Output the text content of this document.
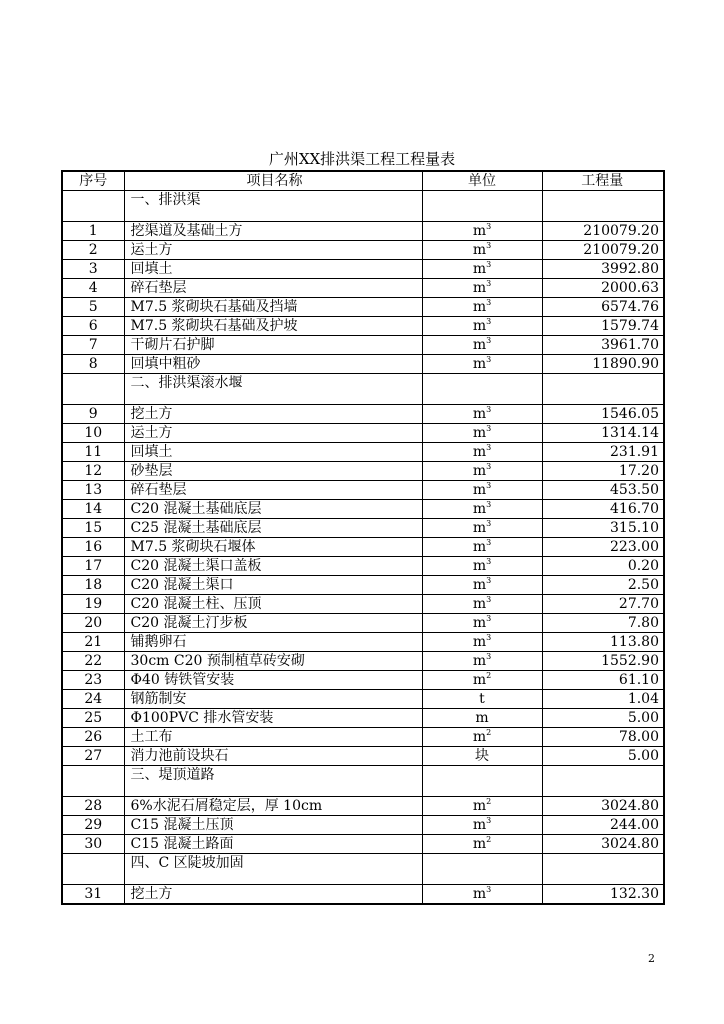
广州XX排洪渠工程工程量表
序号	项目名称	单位	工程量
	一、排洪渠		
1	挖渠道及基础土方	$m^3$	210079.20
2	运土方	$m^3$	210079.20
3	回填土	$m^3$	3992.80
4	碎石垫层	$m^3$	2000.63
5	M7.5 浆砌块石基础及挡墙	$m^3$	6574.76
6	M7.5 浆砌块石基础及护坡	$m^3$	1579.74
7	干砌片石护脚	$m^3$	3961.70
8	回填中粗砂	$m^3$	11890.90
	二、排洪渠滚水堰		
9	挖土方	$m^3$	1546.05
10	运土方	$m^3$	1314.14
11	回填土	$m^3$	231.91
12	砂垫层	$m^3$	17.20
13	碎石垫层	$m^3$	453.50
14	C20 混凝土基础底层	$m^3$	416.70
15	C25 混凝土基础底层	$m^3$	315.10
16	M7.5 浆砌块石堰体	$m^3$	223.00
17	C20 混凝土渠口盖板	$m^3$	0.20
18	C20 混凝土渠口	$m^3$	2.50
19	C20 混凝土柱、压顶	$m^3$	27.70
20	C20 混凝土汀步板	$m^3$	7.80
21	铺鹅卵石	$m^3$	113.80
22	30cm C20 预制植草砖安砌	$m^3$	1552.90
23	Φ40 铸铁管安装	$m^2$	61.10
24	钢筋制安	t	1.04
25	Φ100PVC 排水管安装	m	5.00
26	土工布	$m^2$	78.00
27	消力池前设块石	块	5.00
	三、堤顶道路		
28	6%水泥石屑稳定层，厚 10cm	$m^2$	3024.80
29	C15 混凝土压顶	$m^3$	244.00
30	C15 混凝土路面	$m^2$	3024.80
	四、C 区陡坡加固		
31	挖土方	$m^3$	132.30
2
